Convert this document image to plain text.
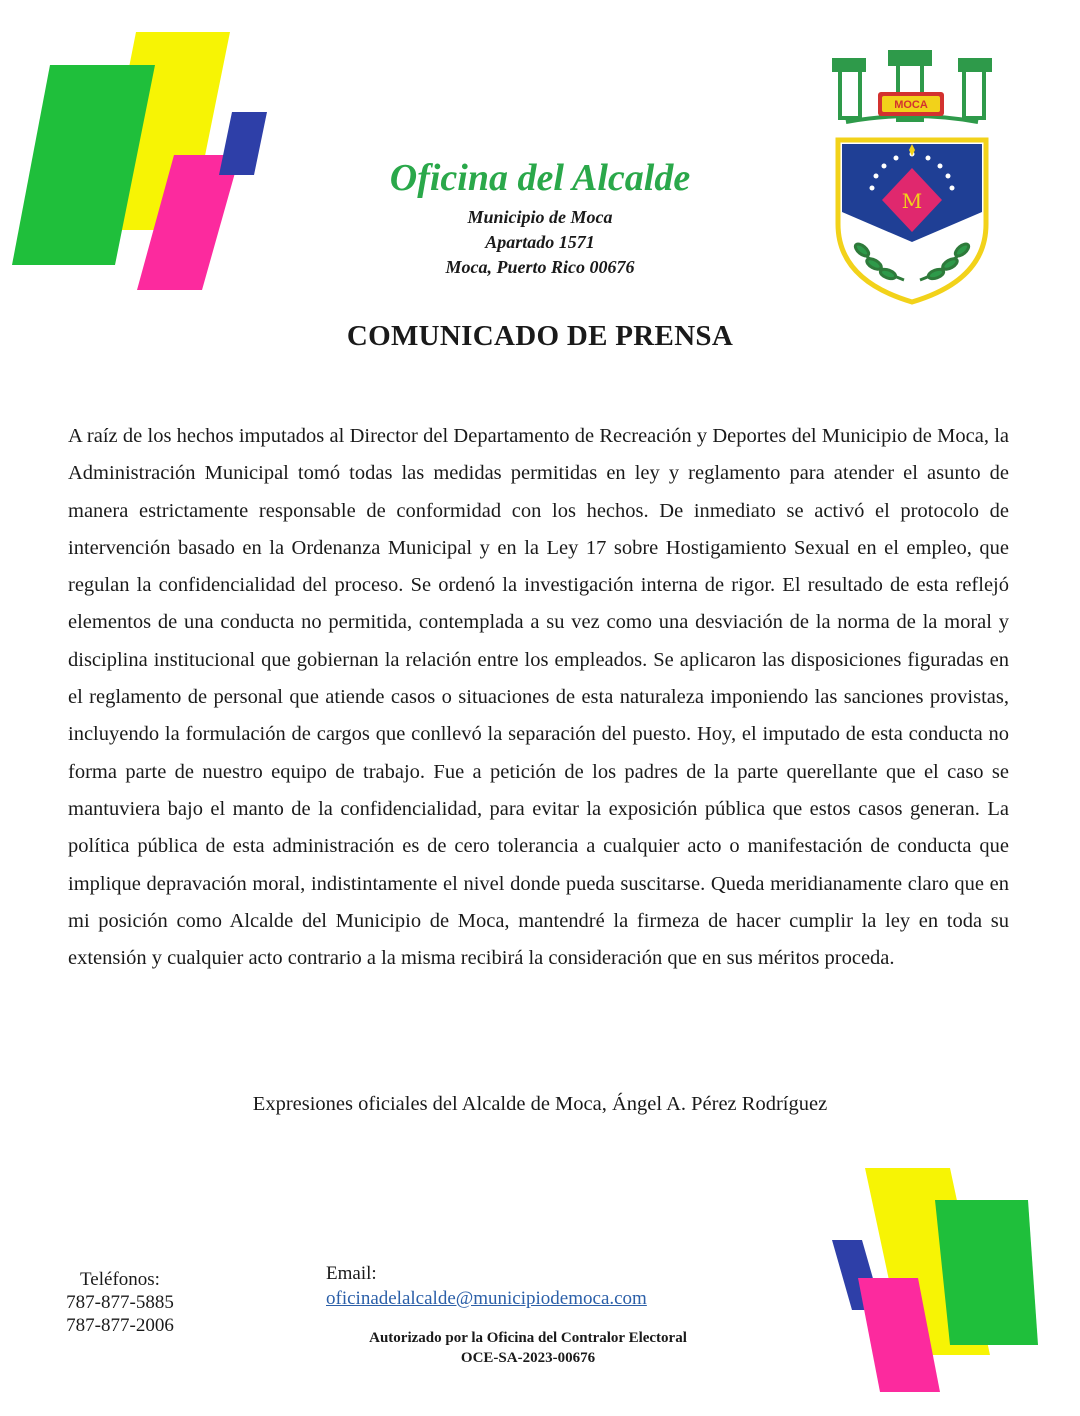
Oficina del Alcalde
Municipio de Moca
Apartado 1571
Moca, Puerto Rico 00676
MOCA
M
COMUNICADO DE PRENSA
A raíz de los hechos imputados al Director del Departamento de Recreación y Deportes del Municipio de Moca, la Administración Municipal tomó todas las medidas permitidas en ley y reglamento para atender el asunto de manera estrictamente responsable de conformidad con los hechos. De inmediato se activó el protocolo de intervención basado en la Ordenanza Municipal y en la Ley 17 sobre Hostigamiento Sexual en el empleo, que regulan la confidencialidad del proceso. Se ordenó la investigación interna de rigor. El resultado de esta reflejó elementos de una conducta no permitida, contemplada a su vez como una desviación de la norma de la moral y disciplina institucional que gobiernan la relación entre los empleados. Se aplicaron las disposiciones figuradas en el reglamento de personal que atiende casos o situaciones de esta naturaleza imponiendo las sanciones provistas, incluyendo la formulación de cargos que conllevó la separación del puesto. Hoy, el imputado de esta conducta no forma parte de nuestro equipo de trabajo. Fue a petición de los padres de la parte querellante que el caso se mantuviera bajo el manto de la confidencialidad, para evitar la exposición pública que estos casos generan. La política pública de esta administración es de cero tolerancia a cualquier acto o manifestación de conducta que implique depravación moral, indistintamente el nivel donde pueda suscitarse. Queda meridianamente claro que en mi posición como Alcalde del Municipio de Moca, mantendré la firmeza de hacer cumplir la ley en toda su extensión y cualquier acto contrario a la misma recibirá la consideración que en sus méritos proceda.
Expresiones oficiales del Alcalde de Moca, Ángel A. Pérez Rodríguez
Teléfonos:
787-877-5885
787-877-2006
Email:
oficinadelalcalde@municipiodemoca.com
Autorizado por la Oficina del Contralor Electoral
OCE-SA-2023-00676
